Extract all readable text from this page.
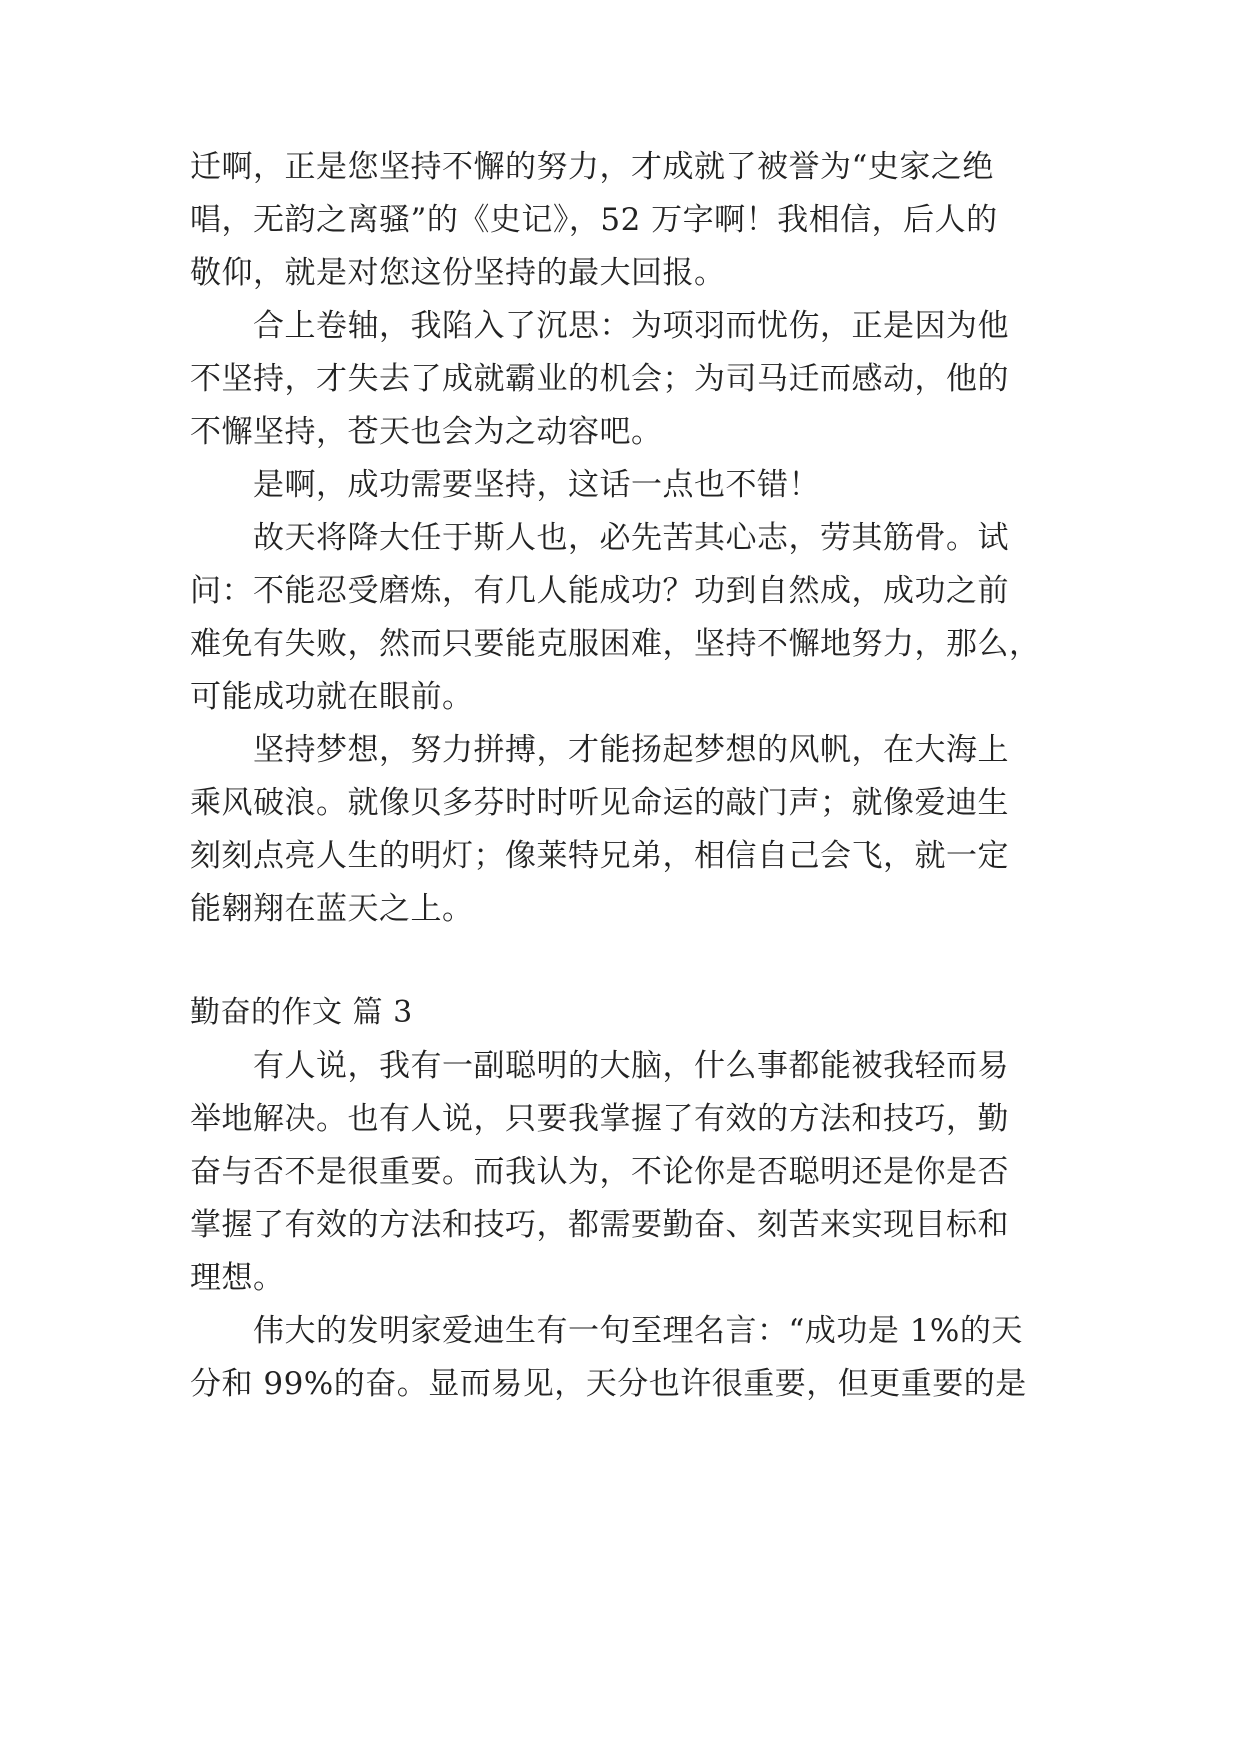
迁啊，正是您坚持不懈的努力，才成就了被誉为“史家之绝
唱，无韵之离骚”的《史记》，52 万字啊！我相信，后人的
敬仰，就是对您这份坚持的最大回报。
合上卷轴，我陷入了沉思：为项羽而忧伤，正是因为他
不坚持，才失去了成就霸业的机会；为司马迁而感动，他的
不懈坚持，苍天也会为之动容吧。
是啊，成功需要坚持，这话一点也不错！
故天将降大任于斯人也，必先苦其心志，劳其筋骨。试
问：不能忍受磨炼，有几人能成功？功到自然成，成功之前
难免有失败，然而只要能克服困难，坚持不懈地努力，那么，
可能成功就在眼前。
坚持梦想，努力拼搏，才能扬起梦想的风帆，在大海上
乘风破浪。就像贝多芬时时听见命运的敲门声；就像爱迪生
刻刻点亮人生的明灯；像莱特兄弟，相信自己会飞，就一定
能翱翔在蓝天之上。
勤奋的作文 篇 3
有人说，我有一副聪明的大脑，什么事都能被我轻而易
举地解决。也有人说，只要我掌握了有效的方法和技巧，勤
奋与否不是很重要。而我认为，不论你是否聪明还是你是否
掌握了有效的方法和技巧，都需要勤奋、刻苦来实现目标和
理想。
伟大的发明家爱迪生有一句至理名言：“成功是 1%的天
分和 99%的奋。显而易见，天分也许很重要，但更重要的是
